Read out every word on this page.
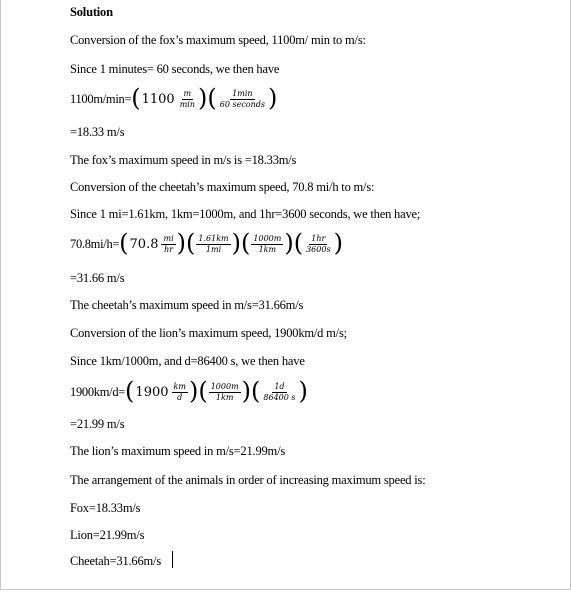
Solution
Conversion of the fox’s maximum speed, 1100m/ min to m/s:
Since 1 minutes= 60 seconds, we then have
1100m/min= ( $1100 \frac{m}{\min}$ ) ( $\frac{1\min}{\text{60 seconds}}$ )
=18.33 m/s
The fox’s maximum speed in m/s is =18.33m/s
Conversion of the cheetah’s maximum speed, 70.8 mi/h to m/s:
Since 1 mi=1.61km, 1km=1000m, and 1hr=3600 seconds, we then have;
70.8mi/h= ( $70.8 \frac{mi}{hr}$ ) ( $\frac{1.61km}{1mi}$ ) ( $\frac{1000m}{1km}$ ) ( $\frac{1hr}{3600s}$ )
=31.66 m/s
The cheetah’s maximum speed in m/s=31.66m/s
Conversion of the lion’s maximum speed, 1900km/d m/s;
Since 1km/1000m, and d=86400 s, we then have
1900km/d= ( $1900 \frac{km}{d}$ ) ( $\frac{1000m}{1km}$ ) ( $\frac{1d}{86400 s}$ )
=21.99 m/s
The lion’s maximum speed in m/s=21.99m/s
The arrangement of the animals in order of increasing maximum speed is:
Fox=18.33m/s
Lion=21.99m/s
Cheetah=31.66m/s
